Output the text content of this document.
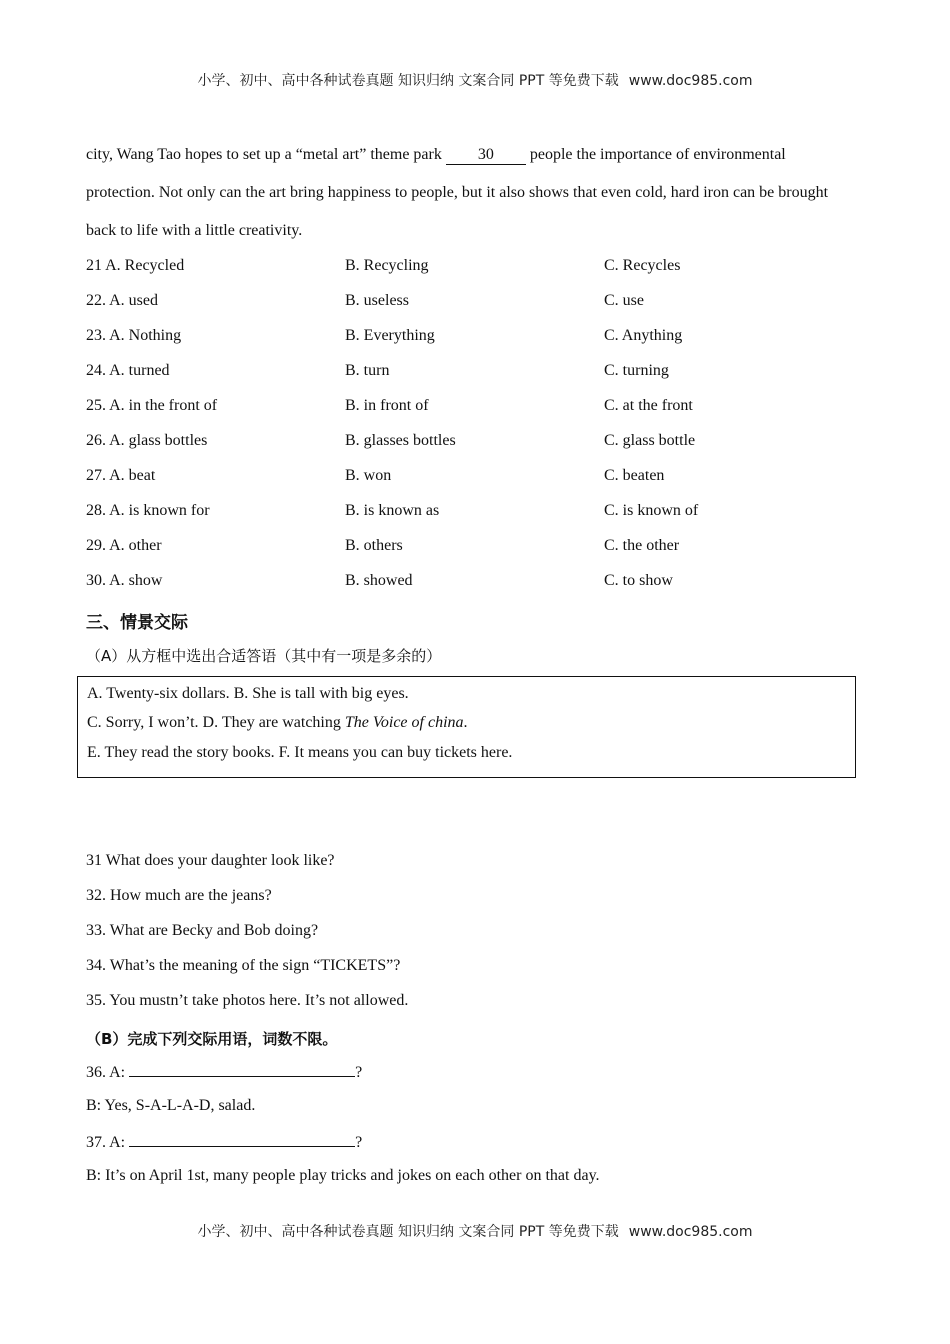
小学、初中、高中各种试卷真题 知识归纳 文案合同 PPT 等免费下载 www.doc985.com
city, Wang Tao hopes to set up a “metal art” theme park 30 people the importance of environmental
protection. Not only can the art bring happiness to people, but it also shows that even cold, hard iron can be brought
back to life with a little creativity.
21 A. Recycled	B. Recycling	C. Recycles
22. A. used	B. useless	C. use
23. A. Nothing	B. Everything	C. Anything
24. A. turned	B. turn	C. turning
25. A. in the front of	B. in front of	C. at the front
26. A. glass bottles	B. glasses bottles	C. glass bottle
27. A. beat	B. won	C. beaten
28. A. is known for	B. is known as	C. is known of
29. A. other	B. others	C. the other
30. A. show	B. showed	C. to show
三、情景交际
（A）从方框中选出合适答语（其中有一项是多余的）
A. Twenty-six dollars. B. She is tall with big eyes.
C. Sorry, I won’t. D. They are watching The Voice of china.
E. They read the story books. F. It means you can buy tickets here.
31 What does your daughter look like?
32. How much are the jeans?
33. What are Becky and Bob doing?
34. What’s the meaning of the sign “TICKETS”?
35. You mustn’t take photos here. It’s not allowed.
（B）完成下列交际用语，词数不限。
36. A:	?
B: Yes, S-A-L-A-D, salad.
37. A:	?
B: It’s on April 1st, many people play tricks and jokes on each other on that day.
小学、初中、高中各种试卷真题 知识归纳 文案合同 PPT 等免费下载 www.doc985.com
